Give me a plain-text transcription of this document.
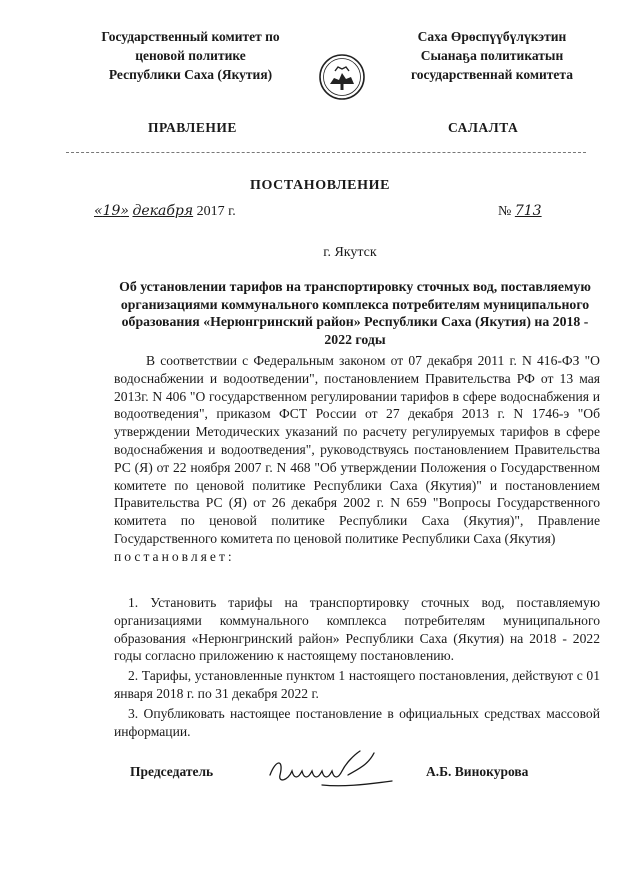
Государственный комитет по
ценовой политике
Республики Саха (Якутия)
Саха Өрөспүүбүлүкэтин
Сыанаҕа политикатын
государственнай комитета
ПРАВЛЕНИЕ	САЛАЛТА
ПОСТАНОВЛЕНИЕ
«19» декабря 2017 г.	№ 713
г. Якутск
Об установлении тарифов на транспортировку сточных вод, поставляемую организациями коммунального комплекса потребителям муниципального образования «Нерюнгринский район» Республики Саха (Якутия) на 2018 - 2022 годы

В соответствии с Федеральным законом от 07 декабря 2011 г. N 416-ФЗ "О водоснабжении и водоотведении", постановлением Правительства РФ от 13 мая 2013г. N 406 "О государственном регулировании тарифов в сфере водоснабжения и водоотведения", приказом ФСТ России от 27 декабря 2013 г. N 1746-э "Об утверждении Методических указаний по расчету регулируемых тарифов в сфере водоснабжения и водоотведения", руководствуясь постановлением Правительства РС (Я) от 22 ноября 2007 г. N 468 "Об утверждении Положения о Государственном комитете по ценовой политике Республики Саха (Якутия)" и постановлением Правительства РС (Я) от 26 декабря 2002 г. N 659 "Вопросы Государственного комитета по ценовой политике Республики Саха (Якутия)", Правление Государственного комитета по ценовой политике Республики Саха (Якутия)

постановляет:

1. Установить тарифы на транспортировку сточных вод, поставляемую организациями коммунального комплекса потребителям муниципального образования «Нерюнгринский район» Республики Саха (Якутия) на 2018 - 2022 годы согласно приложению к настоящему постановлению.

2. Тарифы, установленные пунктом 1 настоящего постановления, действуют с 01 января 2018 г. по 31 декабря 2022 г.

3. Опубликовать настоящее постановление в официальных средствах массовой информации.

Председатель	А.Б. Винокурова
